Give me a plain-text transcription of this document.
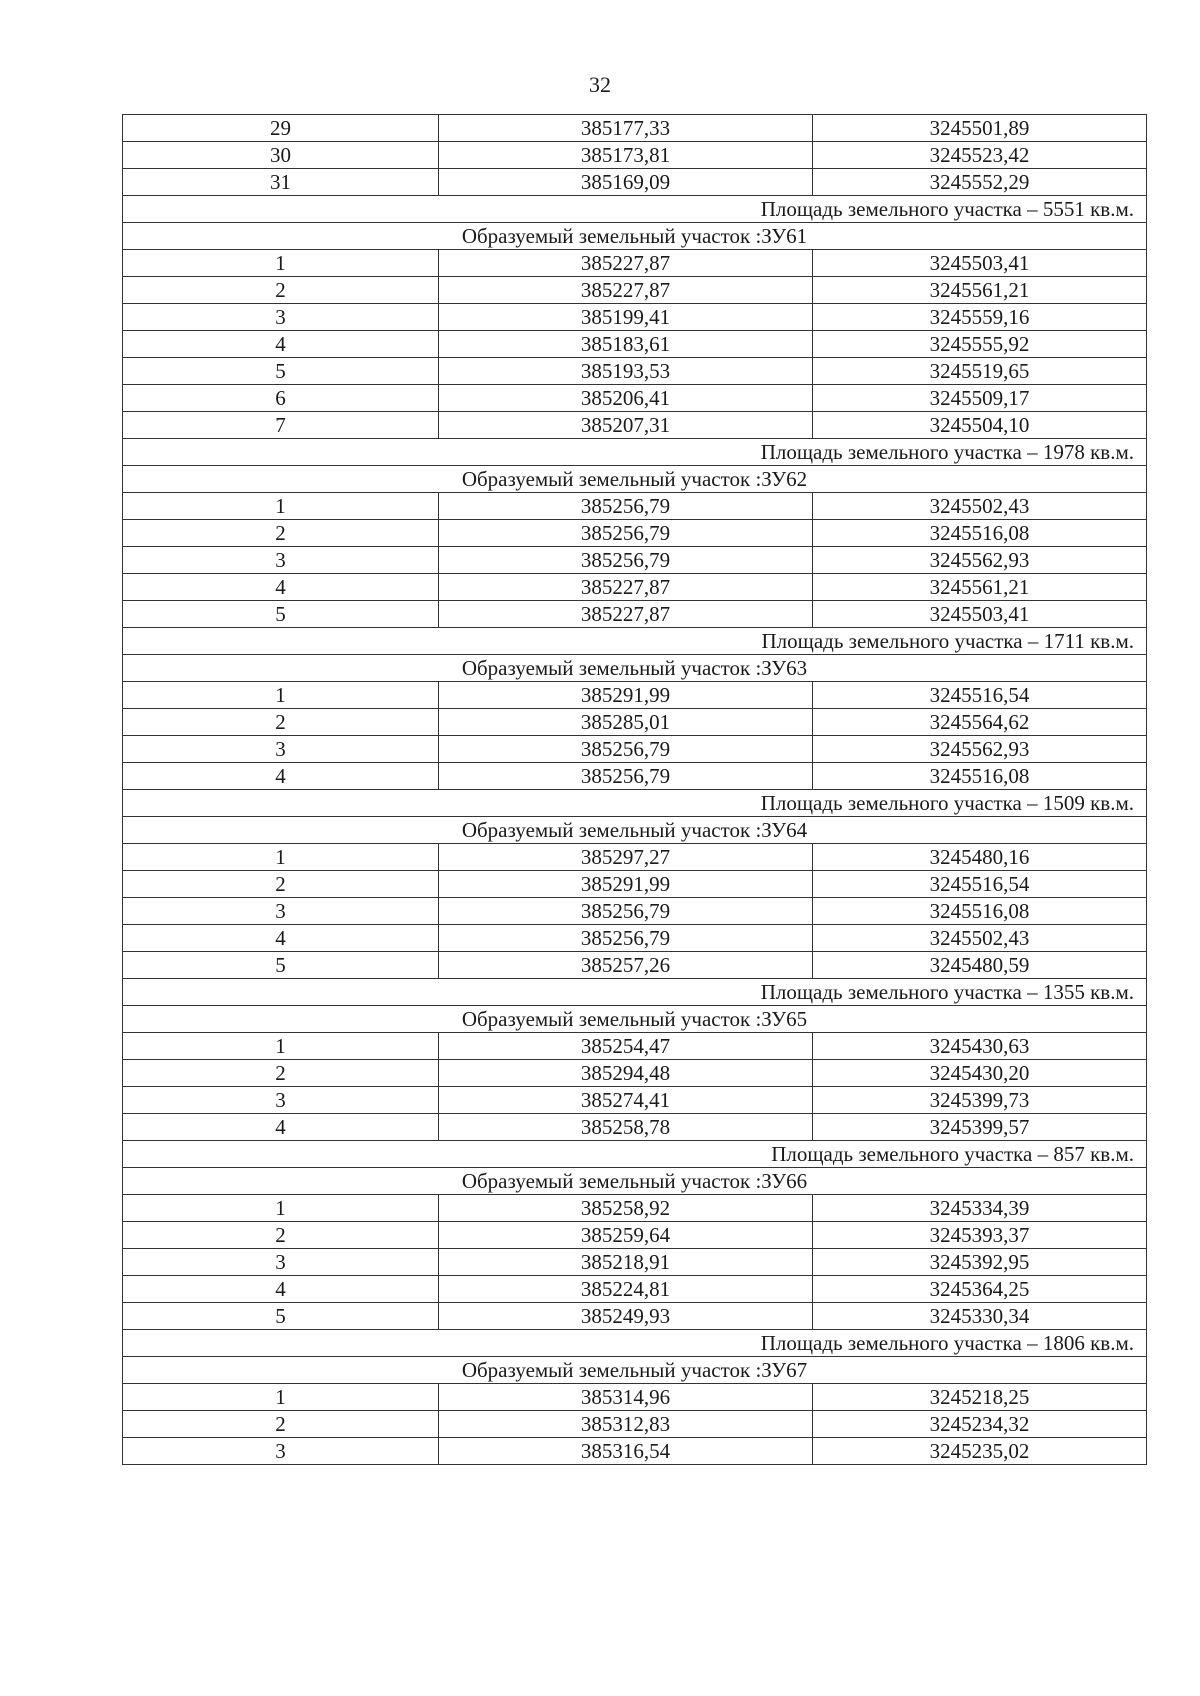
32
29	385177,33	3245501,89
30	385173,81	3245523,42
31	385169,09	3245552,29
Площадь земельного участка – 5551 кв.м.		
Образуемый земельный участок :ЗУ61		
1	385227,87	3245503,41
2	385227,87	3245561,21
3	385199,41	3245559,16
4	385183,61	3245555,92
5	385193,53	3245519,65
6	385206,41	3245509,17
7	385207,31	3245504,10
Площадь земельного участка – 1978 кв.м.		
Образуемый земельный участок :ЗУ62		
1	385256,79	3245502,43
2	385256,79	3245516,08
3	385256,79	3245562,93
4	385227,87	3245561,21
5	385227,87	3245503,41
Площадь земельного участка – 1711 кв.м.		
Образуемый земельный участок :ЗУ63		
1	385291,99	3245516,54
2	385285,01	3245564,62
3	385256,79	3245562,93
4	385256,79	3245516,08
Площадь земельного участка – 1509 кв.м.		
Образуемый земельный участок :ЗУ64		
1	385297,27	3245480,16
2	385291,99	3245516,54
3	385256,79	3245516,08
4	385256,79	3245502,43
5	385257,26	3245480,59
Площадь земельного участка – 1355 кв.м.		
Образуемый земельный участок :ЗУ65		
1	385254,47	3245430,63
2	385294,48	3245430,20
3	385274,41	3245399,73
4	385258,78	3245399,57
Площадь земельного участка – 857 кв.м.		
Образуемый земельный участок :ЗУ66		
1	385258,92	3245334,39
2	385259,64	3245393,37
3	385218,91	3245392,95
4	385224,81	3245364,25
5	385249,93	3245330,34
Площадь земельного участка – 1806 кв.м.		
Образуемый земельный участок :ЗУ67		
1	385314,96	3245218,25
2	385312,83	3245234,32
3	385316,54	3245235,02
